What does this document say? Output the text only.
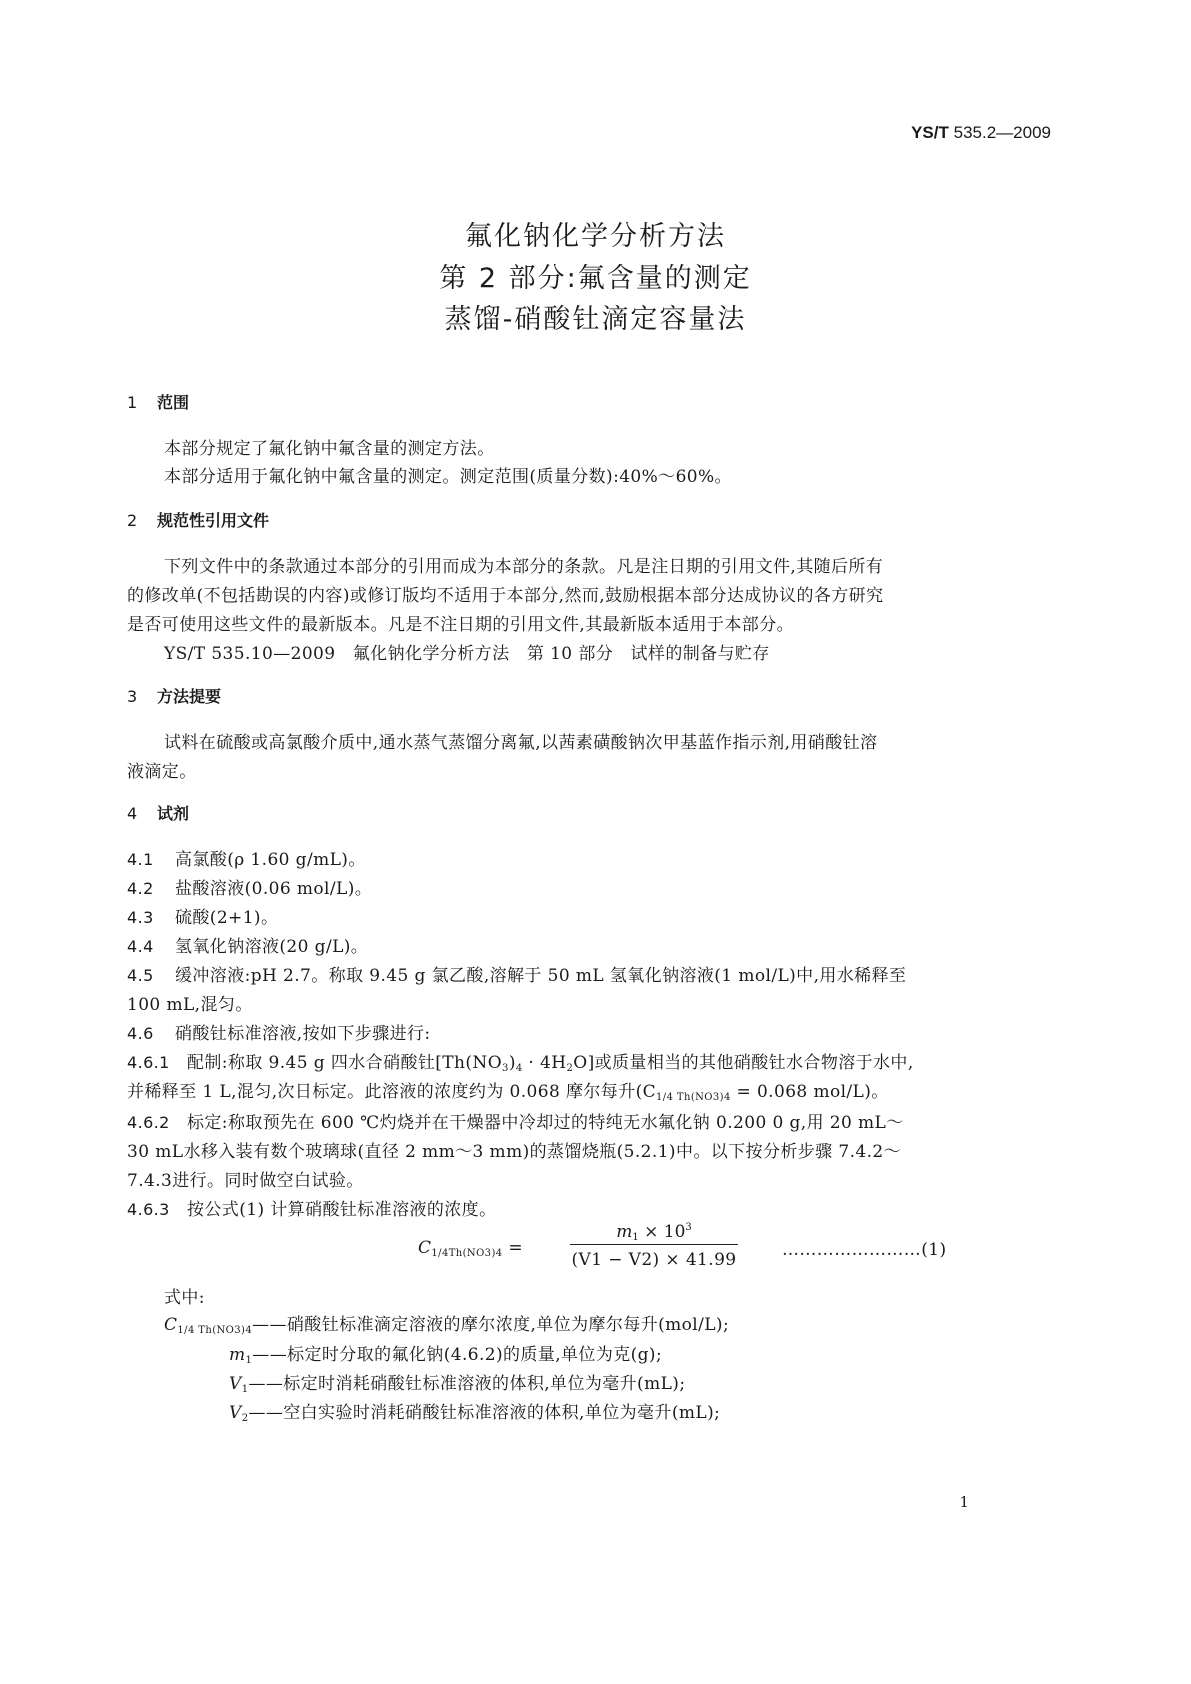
YS/T 535.2—2009
氟化钠化学分析方法
第 2 部分:氟含量的测定
蒸馏-硝酸钍滴定容量法
1 范围
本部分规定了氟化钠中氟含量的测定方法。
本部分适用于氟化钠中氟含量的测定。测定范围(质量分数):40%～60%。
2 规范性引用文件
下列文件中的条款通过本部分的引用而成为本部分的条款。凡是注日期的引用文件,其随后所有
的修改单(不包括勘误的内容)或修订版均不适用于本部分,然而,鼓励根据本部分达成协议的各方研究
是否可使用这些文件的最新版本。凡是不注日期的引用文件,其最新版本适用于本部分。
YS/T 535.10—2009　氟化钠化学分析方法　第 10 部分　试样的制备与贮存
3 方法提要
试料在硫酸或高氯酸介质中,通水蒸气蒸馏分离氟,以茜素磺酸钠次甲基蓝作指示剂,用硝酸钍溶
液滴定。
4 试剂
4.1 高氯酸(ρ 1.60 g/mL)。
4.2 盐酸溶液(0.06 mol/L)。
4.3 硫酸(2+1)。
4.4 氢氧化钠溶液(20 g/L)。
4.5 缓冲溶液:pH 2.7。称取 9.45 g 氯乙酸,溶解于 50 mL 氢氧化钠溶液(1 mol/L)中,用水稀释至
100 mL,混匀。
4.6 硝酸钍标准溶液,按如下步骤进行:
4.6.1 配制:称取 9.45 g 四水合硝酸钍$[Th(NO_3)_4 \cdot 4H_2O]$或质量相当的其他硝酸钍水合物溶于水中,
并稀释至 1 L,混匀,次日标定。此溶液的浓度约为 0.068 摩尔每升($C_{1/4 Th(NO3)4} = 0.068$ mol/L)。
4.6.2 标定:称取预先在 600 ℃灼烧并在干燥器中冷却过的特纯无水氟化钠 0.200 0 g,用 20 mL～
30 mL水移入装有数个玻璃球(直径 2 mm～3 mm)的蒸馏烧瓶(5.2.1)中。以下按分析步骤 7.4.2～
7.4.3进行。同时做空白试验。
4.6.3 按公式(1) 计算硝酸钍标准溶液的浓度。
$C_{1/4Th(NO3)4}$ =
$m_1 \times 10^3$
(V1 − V2) × 41.99	……………………(1)
式中:
$C_{1/4 Th(NO3)4}——$硝酸钍标准滴定溶液的摩尔浓度,单位为摩尔每升(mol/L);
$m_1——$标定时分取的氟化钠(4.6.2)的质量,单位为克(g);
$V_1——$标定时消耗硝酸钍标准溶液的体积,单位为毫升(mL);
$V_2——$空白实验时消耗硝酸钍标准溶液的体积,单位为毫升(mL);
1
